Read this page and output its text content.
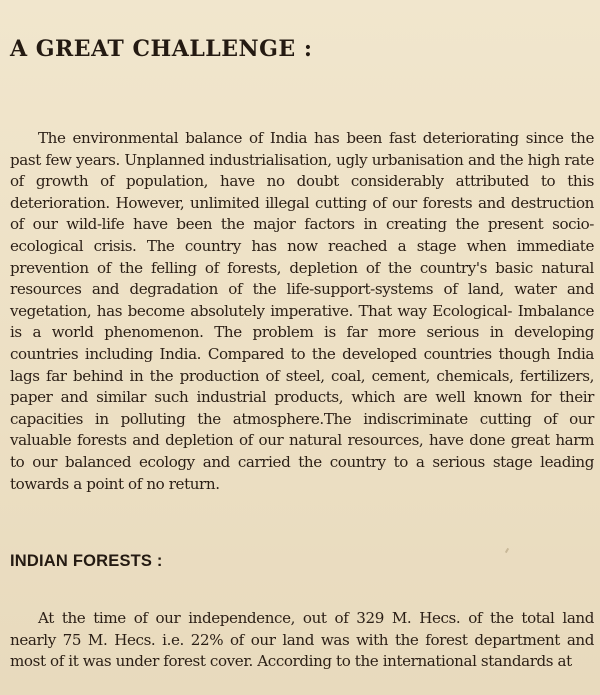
A GREAT CHALLENGE :

The environmental balance of India has been fast deteriorating since the past few years. Unplanned industrialisation, ugly urbanisation and the high rate of growth of population, have no doubt considerably attributed to this deterioration. However, unlimited illegal cutting of our forests and destruction of our wild-life have been the major factors in creating the present socio-ecological crisis. The country has now reached a stage when immediate prevention of the felling of forests, depletion of the country's basic natural resources and degradation of the life-support-systems of land, water and vegetation, has become absolutely imperative. That way Ecological- Imbalance is a world phenomenon. The problem is far more serious in developing countries including India. Compared to the developed countries though India lags far behind in the production of steel, coal, cement, chemicals, fertilizers, paper and similar such industrial products, which are well known for their capacities in polluting the atmosphere.The indiscriminate cutting of our valuable forests and depletion of our natural resources, have done great harm to our balanced ecology and carried the country to a serious stage leading towards a point of no return.

INDIAN FORESTS :

At the time of our independence, out of 329 M. Hecs. of the total land nearly 75 M. Hecs. i.e. 22% of our land was with the forest department and most of it was under forest cover. According to the international standards at
